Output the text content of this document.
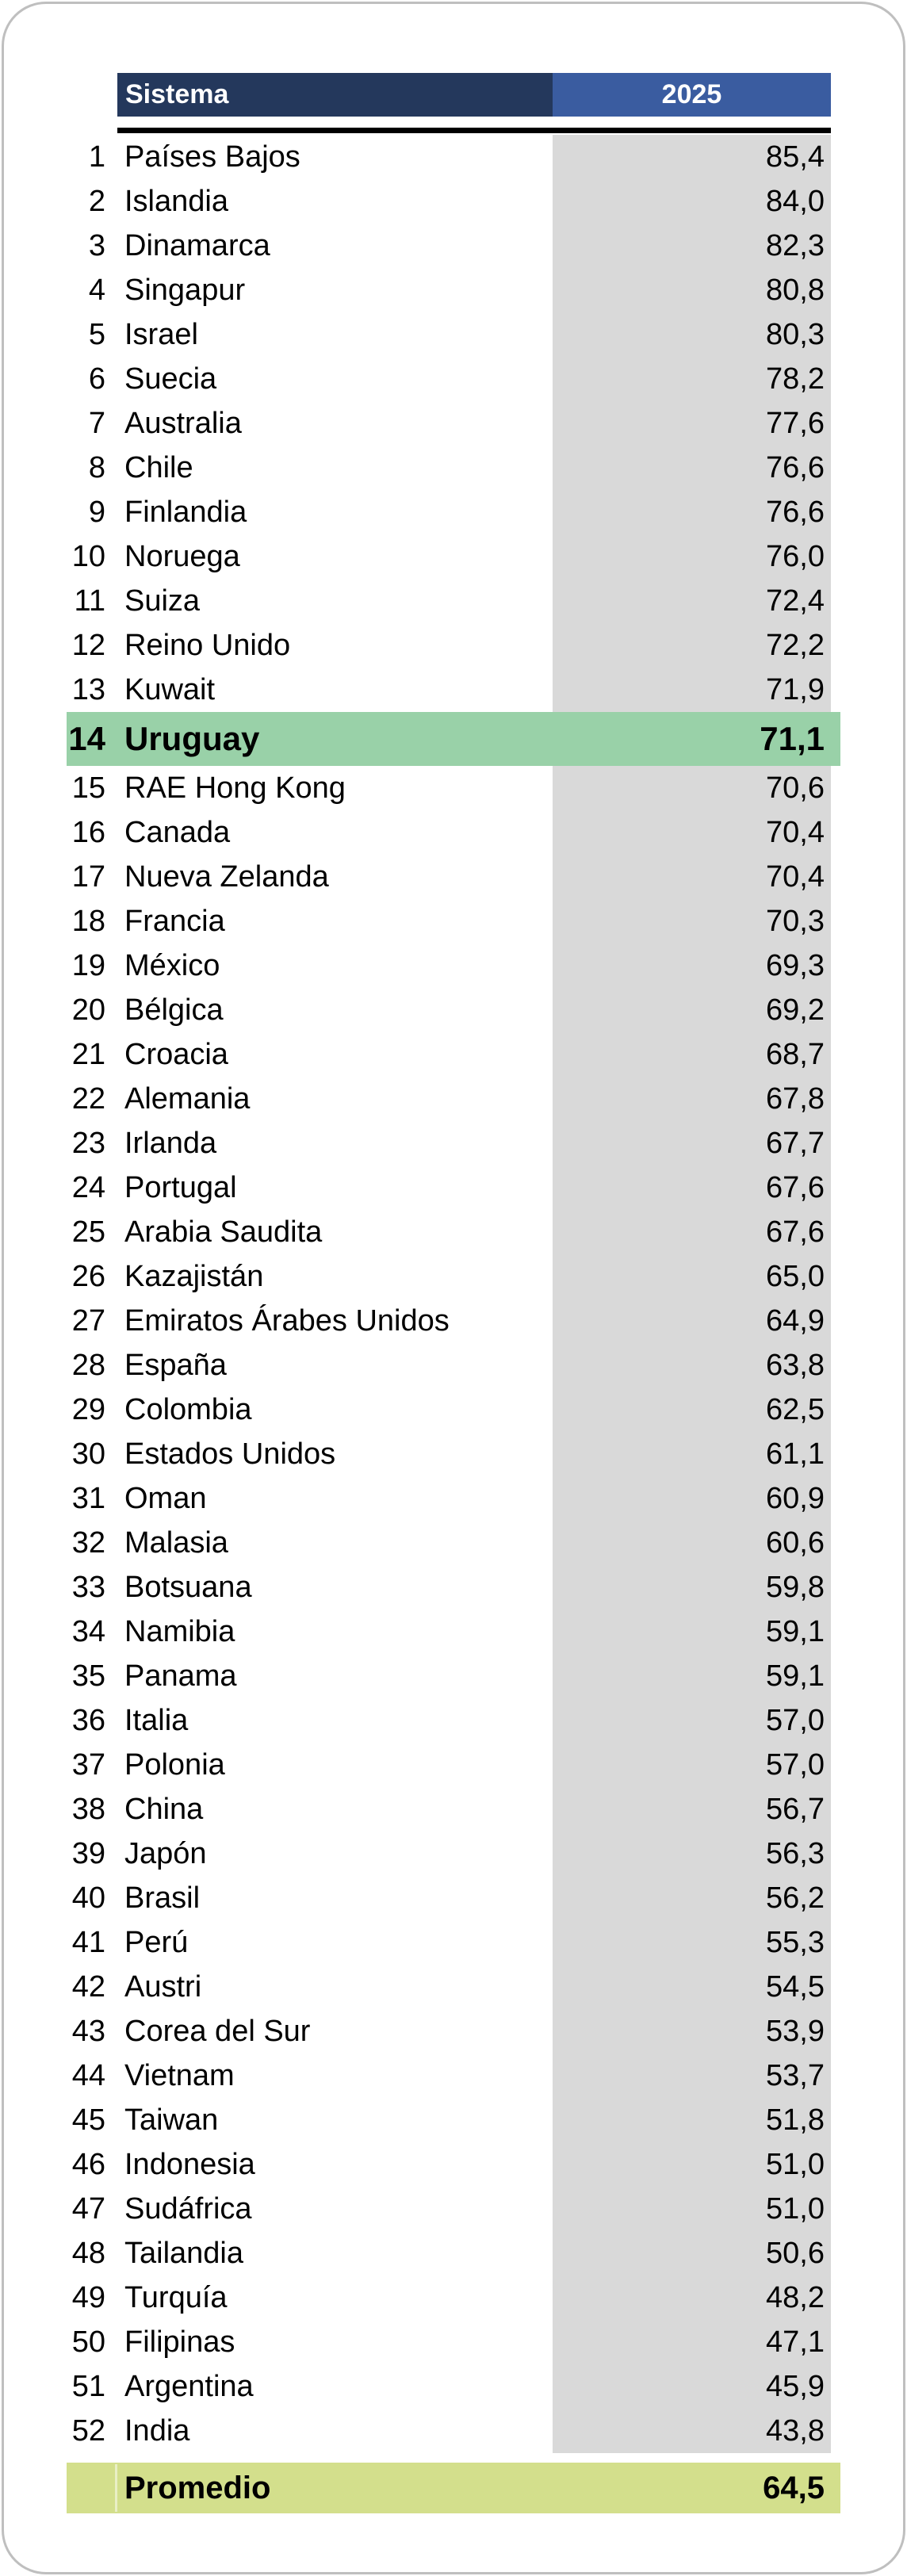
Sistema	2025
1 Países Bajos	85,4
2 Islandia	84,0
3 Dinamarca	82,3
4 Singapur	80,8
5 Israel	80,3
6 Suecia	78,2
7 Australia	77,6
8 Chile	76,6
9 Finlandia	76,6
10 Noruega	76,0
11 Suiza	72,4
12 Reino Unido	72,2
13 Kuwait	71,9
14 Uruguay	71,1
15 RAE Hong Kong	70,6
16 Canada	70,4
17 Nueva Zelanda	70,4
18 Francia	70,3
19 México	69,3
20 Bélgica	69,2
21 Croacia	68,7
22 Alemania	67,8
23 Irlanda	67,7
24 Portugal	67,6
25 Arabia Saudita	67,6
26 Kazajistán	65,0
27 Emiratos Árabes Unidos	64,9
28 España	63,8
29 Colombia	62,5
30 Estados Unidos	61,1
31 Oman	60,9
32 Malasia	60,6
33 Botsuana	59,8
34 Namibia	59,1
35 Panama	59,1
36 Italia	57,0
37 Polonia	57,0
38 China	56,7
39 Japón	56,3
40 Brasil	56,2
41 Perú	55,3
42 Austri	54,5
43 Corea del Sur	53,9
44 Vietnam	53,7
45 Taiwan	51,8
46 Indonesia	51,0
47 Sudáfrica	51,0
48 Tailandia	50,6
49 Turquía	48,2
50 Filipinas	47,1
51 Argentina	45,9
52 India	43,8
Promedio	64,5
